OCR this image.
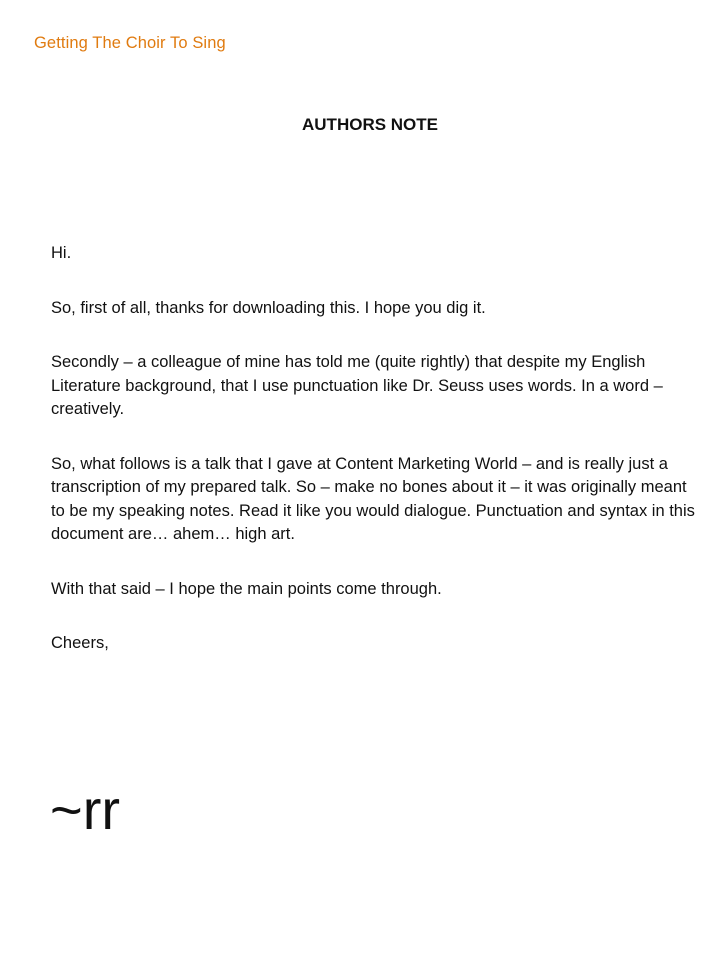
Getting The Choir To Sing
AUTHORS NOTE

Hi.

So, first of all, thanks for downloading this. I hope you dig it.

Secondly – a colleague of mine has told me (quite rightly) that despite my English Literature background, that I use punctuation like Dr. Seuss uses words. In a word – creatively.

So, what follows is a talk that I gave at Content Marketing World – and is really just a transcription of my prepared talk. So – make no bones about it – it was originally meant to be my speaking notes. Read it like you would dialogue. Punctuation and syntax in this document are… ahem… high art.

With that said – I hope the main points come through.

Cheers,

~rr
